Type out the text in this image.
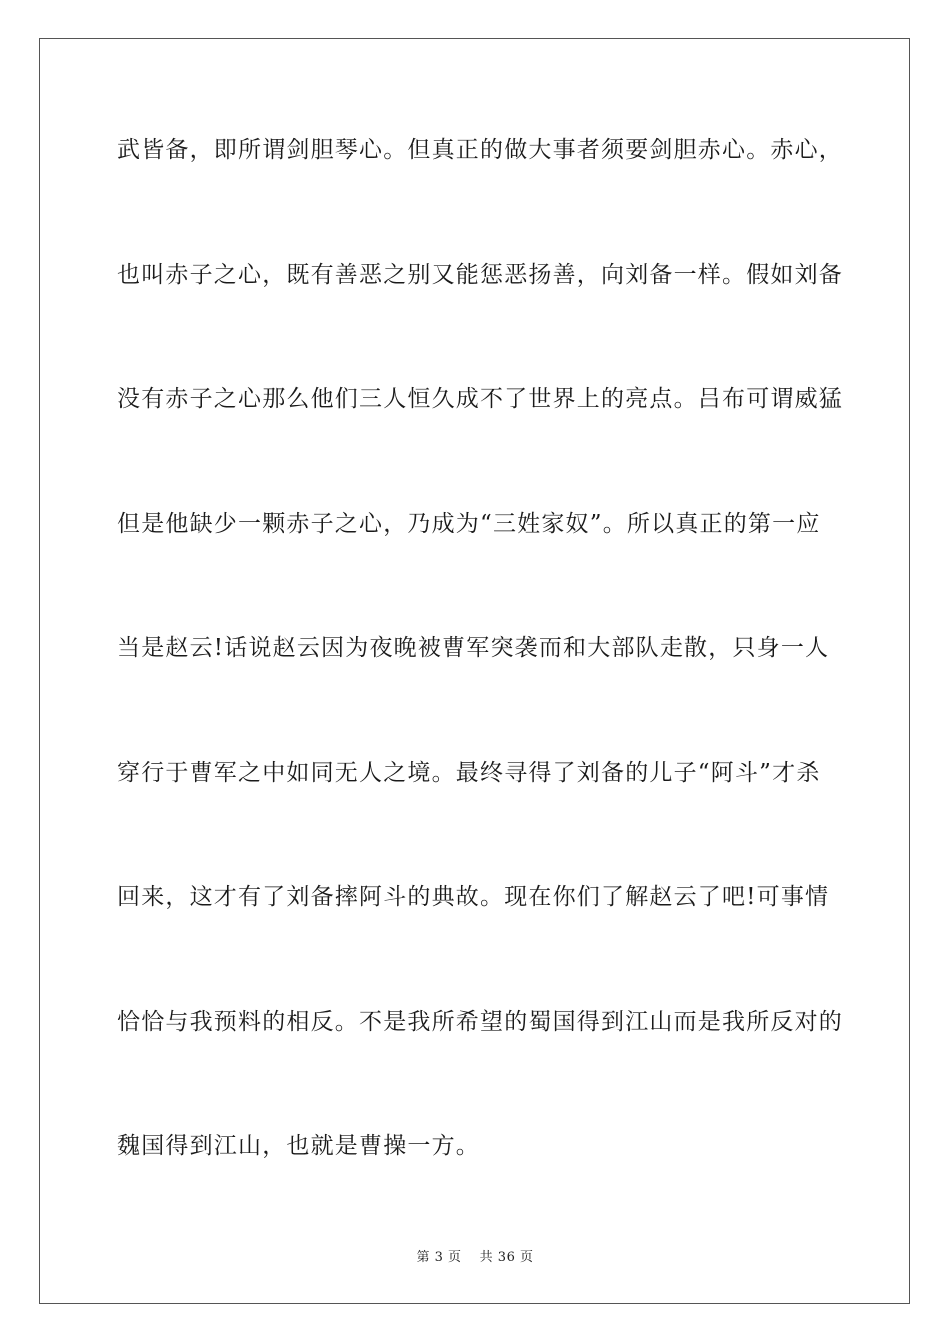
武皆备，即所谓剑胆琴心。但真正的做大事者须要剑胆赤心。赤心，
也叫赤子之心，既有善恶之别又能惩恶扬善，向刘备一样。假如刘备
没有赤子之心那么他们三人恒久成不了世界上的亮点。吕布可谓威猛
但是他缺少一颗赤子之心，乃成为“三姓家奴”。所以真正的第一应
当是赵云!话说赵云因为夜晚被曹军突袭而和大部队走散，只身一人
穿行于曹军之中如同无人之境。最终寻得了刘备的儿子“阿斗”才杀
回来，这才有了刘备摔阿斗的典故。现在你们了解赵云了吧!可事情
恰恰与我预料的相反。不是我所希望的蜀国得到江山而是我所反对的
魏国得到江山，也就是曹操一方。
第 3 页　 共 36 页
